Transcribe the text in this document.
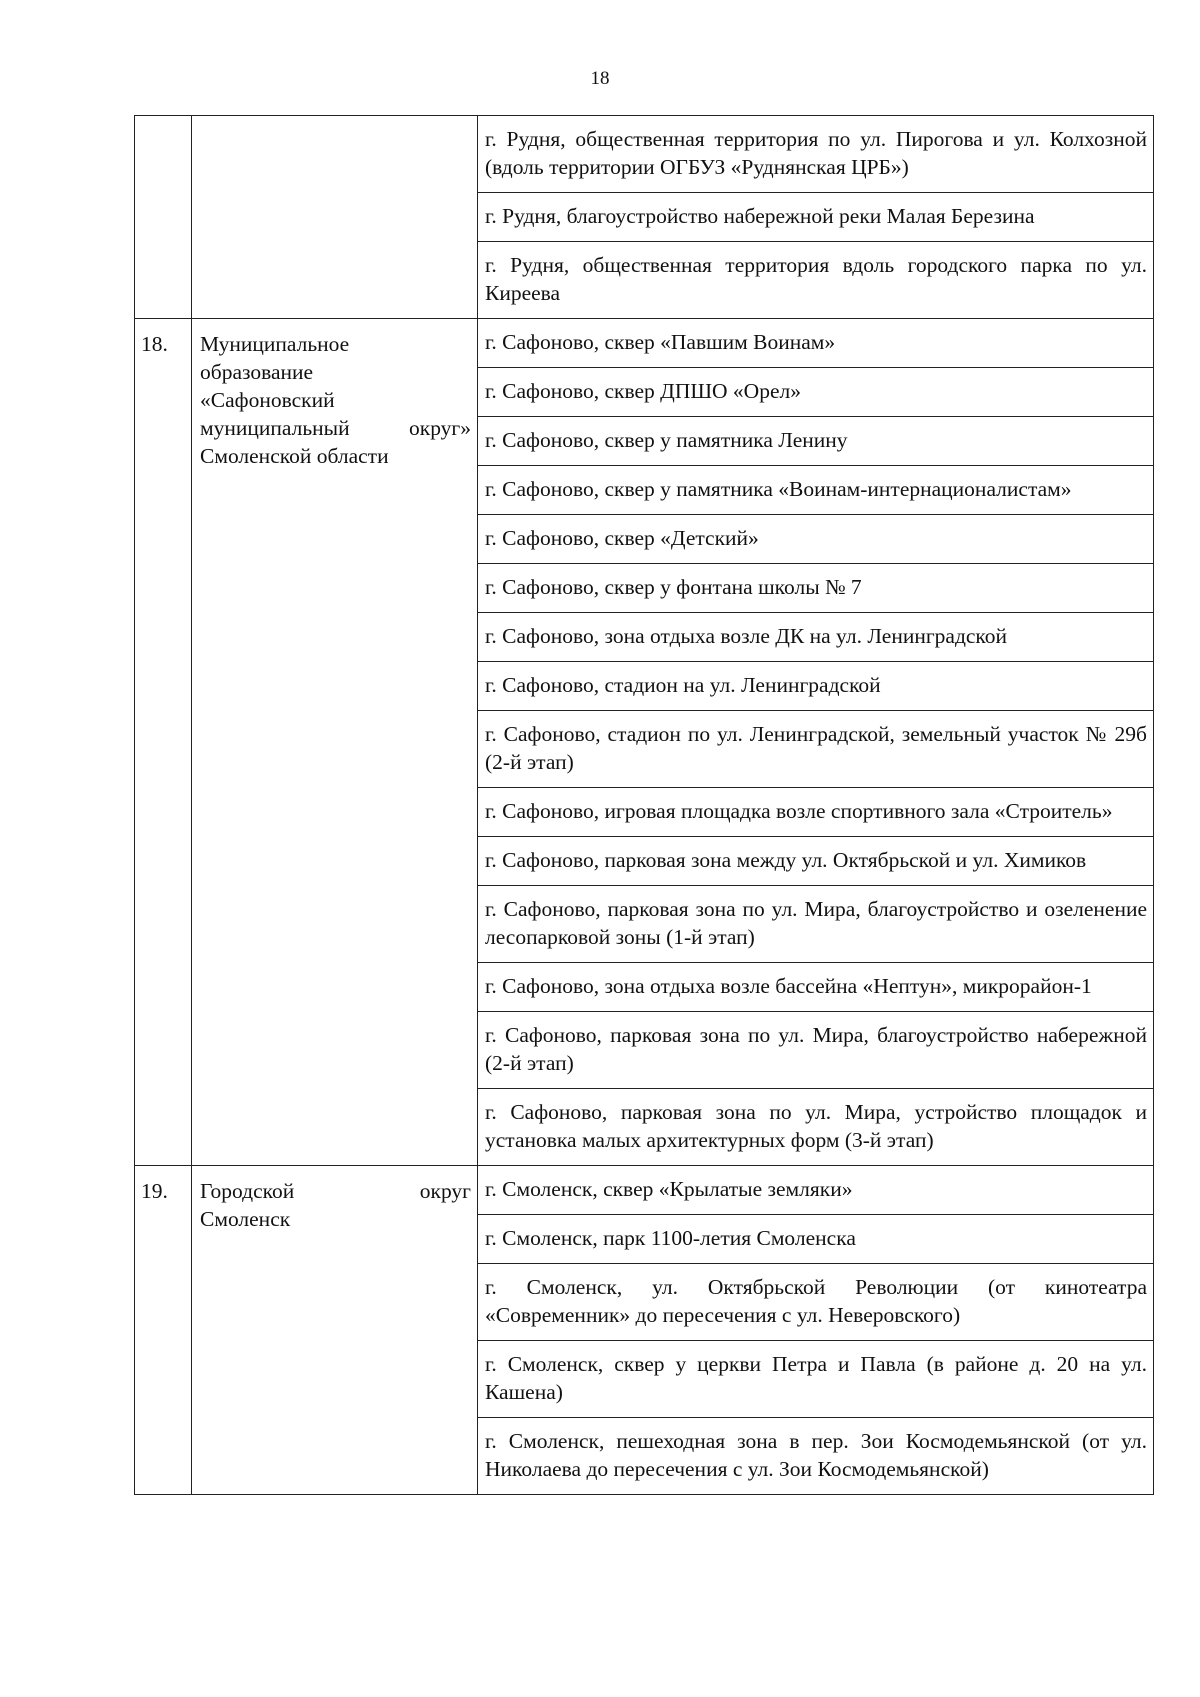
18
		г. Рудня, общественная территория по ул. Пирогова и ул. Колхозной (вдоль территории ОГБУЗ «Руднянская ЦРБ»)
		г. Рудня, благоустройство набережной реки Малая Березина
		г. Рудня, общественная территория вдоль городского парка по ул. Киреева
18.	Муниципальное
образование
«Сафоновский
муниципальный округ»
Смоленской области	г. Сафоново, сквер «Павшим Воинам»
		г. Сафоново, сквер ДПШО «Орел»
		г. Сафоново, сквер у памятника Ленину
		г. Сафоново, сквер у памятника «Воинам-интернационалистам»
		г. Сафоново, сквер «Детский»
		г. Сафоново, сквер у фонтана школы № 7
		г. Сафоново, зона отдыха возле ДК на ул. Ленинградской
		г. Сафоново, стадион на ул. Ленинградской
		г. Сафоново, стадион по ул. Ленинградской, земельный участок № 29б (2-й этап)
		г. Сафоново, игровая площадка возле спортивного зала «Строитель»
		г. Сафоново, парковая зона между ул. Октябрьской и ул. Химиков
		г. Сафоново, парковая зона по ул. Мира, благоустройство и озеленение лесопарковой зоны (1-й этап)
		г. Сафоново, зона отдыха возле бассейна «Нептун», микрорайон-1
		г. Сафоново, парковая зона по ул. Мира, благоустройство набережной (2-й этап)
		г. Сафоново, парковая зона по ул. Мира, устройство площадок и установка малых архитектурных форм (3-й этап)
19.	Городской округ
Смоленск	г. Смоленск, сквер «Крылатые земляки»
		г. Смоленск, парк 1100-летия Смоленска
		г. Смоленск, ул. Октябрьской Революции (от кинотеатра «Современник» до пересечения с ул. Неверовского)
		г. Смоленск, сквер у церкви Петра и Павла (в районе д. 20 на ул. Кашена)
		г. Смоленск, пешеходная зона в пер. Зои Космодемьянской (от ул. Николаева до пересечения с ул. Зои Космодемьянской)
